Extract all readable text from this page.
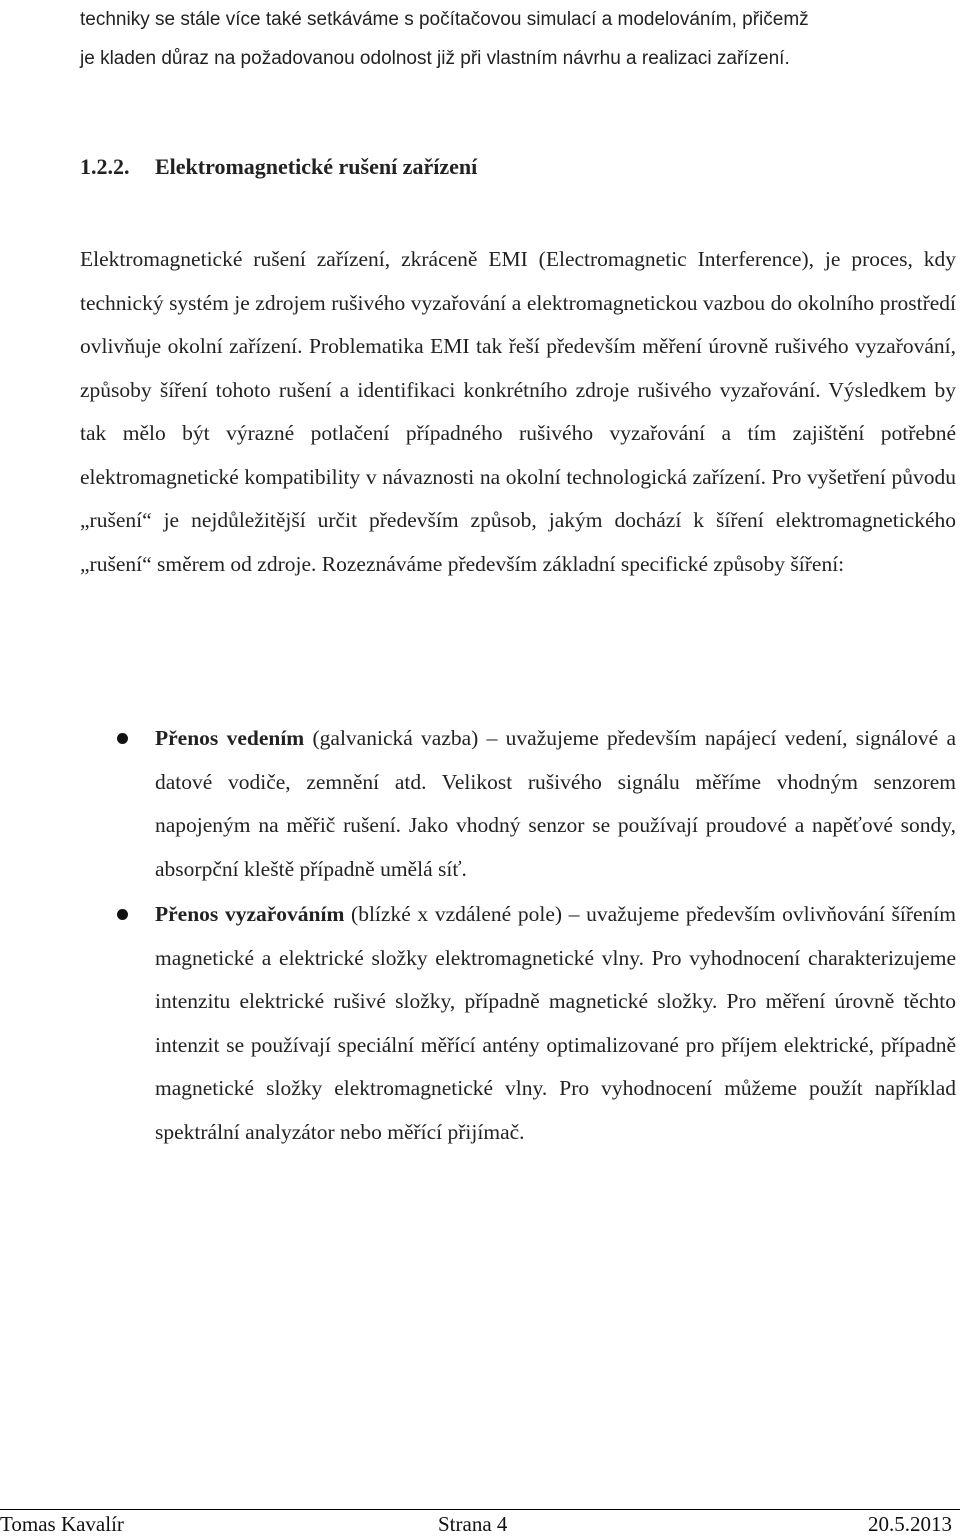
techniky se stále více také setkáváme s počítačovou simulací a modelováním, přičemž

je kladen důraz na požadovanou odolnost již při vlastním návrhu a realizaci zařízení.

1.2.2. Elektromagnetické rušení zařízení

Elektromagnetické rušení zařízení, zkráceně EMI (Electromagnetic Interference), je proces, kdy technický systém je zdrojem rušivého vyzařování a elektromagnetickou vazbou do okolního prostředí ovlivňuje okolní zařízení. Problematika EMI tak řeší především měření úrovně rušivého vyzařování, způsoby šíření tohoto rušení a identifikaci konkrétního zdroje rušivého vyzařování. Výsledkem by tak mělo být výrazné potlačení případného rušivého vyzařování a tím zajištění potřebné elektromagnetické kompatibility v návaznosti na okolní technologická zařízení. Pro vyšetření původu „rušení“ je nejdůležitější určit především způsob, jakým dochází k šíření elektromagnetického „rušení“ směrem od zdroje. Rozeznáváme především základní specifické způsoby šíření:

Přenos vedením (galvanická vazba) – uvažujeme především napájecí vedení, signálové a datové vodiče, zemnění atd. Velikost rušivého signálu měříme vhodným senzorem napojeným na měřič rušení. Jako vhodný senzor se používají proudové a napěťové sondy, absorpční kleště případně umělá síť.
Přenos vyzařováním (blízké x vzdálené pole) – uvažujeme především ovlivňování šířením magnetické a elektrické složky elektromagnetické vlny. Pro vyhodnocení charakterizujeme intenzitu elektrické rušivé složky, případně magnetické složky. Pro měření úrovně těchto intenzit se používají speciální měřící antény optimalizované pro příjem elektrické, případně magnetické složky elektromagnetické vlny. Pro vyhodnocení můžeme použít například spektrální analyzátor nebo měřící přijímač.
Tomas Kavalír	Strana 4	20.5.2013
